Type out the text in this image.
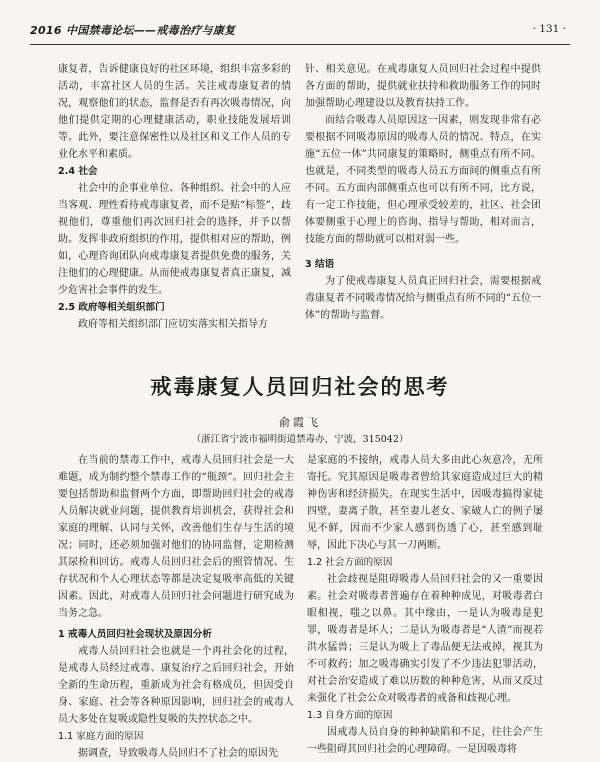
2016 中国禁毒论坛——戒毒治疗与康复	· 131 ·

康复者，告诉健康良好的社区环境，组织丰富多彩的活动，丰富社区人员的生活。关注戒毒康复者的情况，观察他们的状态，监督是否有再次吸毒情况，向他们提供定期的心理健康活动，职业技能发展培训等。此外，要注意保密性以及社区和义工作人员的专业化水平和素质。

2.4 社会

社会中的企事业单位、各种组织、社会中的人应当客观、理性看待戒毒康复者，而不是贴“标签”，歧视他们，尊重他们再次回归社会的选择，并予以帮助。发挥非政府组织的作用，提供相对应的帮助，例如，心理咨询团队向戒毒康复者提供免费的服务，关注他们的心理健康。从而使戒毒康复者真正康复，减少危害社会事件的发生。

2.5 政府等相关组织部门

政府等相关组织部门应切实落实相关指导方

针、相关意见。在戒毒康复人员回归社会过程中提供各方面的帮助，提供就业扶持和救助服务工作的同时加强帮助心理建设以及教育扶持工作。

而结合吸毒人员原因这一因素，则发现非常有必要根据不同吸毒原因的吸毒人员的情况、特点，在实施“五位一体”共同康复的策略时，侧重点有所不同。也就是，不同类型的吸毒人员五方面间的侧重点有所不同。五方面内部侧重点也可以有所不同，比方说，有一定工作技能，但心理承受较差的，社区、社会团体要侧重于心理上的咨询、指导与帮助，相对而言，技能方面的帮助就可以相对弱一些。

3 结语

为了使戒毒康复人员真正回归社会，需要根据戒毒康复者不同吸毒情况给与侧重点有所不同的“五位一体”的帮助与监督。

戒毒康复人员回归社会的思考
俞霞飞
（浙江省宁波市福明街道禁毒办，宁波，315042）

在当前的禁毒工作中，戒毒人员回归社会是一大难题，成为制约整个禁毒工作的“瓶颈”。回归社会主要包括帮助和监督两个方面，即帮助回归社会的戒毒人员解决就业问题，提供教育培训机会，获得社会和家庭的理解、认同与关怀，改善他们生存与生活的境况；同时，还必须加强对他们的协同监督，定期检测其尿检和回访。戒毒人员回归社会后的照管情况、生存状况和个人心理状态等都是决定复吸率高低的关键因素。因此，对戒毒人员回归社会问题进行研究成为当务之急。

1 戒毒人员回归社会现状及原因分析

戒毒人员回归社会也就是一个再社会化的过程，是戒毒人员经过戒毒、康复治疗之后回归社会，开始全新的生命历程，重新成为社会有格成员，但因受自身、家庭、社会等各种原因影响，回归社会的戒毒人员大多处在复吸或隐性复吸的失控状态之中。

1.1 家庭方面的原因

据调查，导致吸毒人员回归不了社会的原因先

是家庭的不接纳，戒毒人员大多由此心灰意冷，无所寄托。究其原因是吸毒者曾给其家庭造成过巨大的精神伤害和经济损失。在现实生活中，因吸毒搞得家徒四壁，妻离子散，甚至妻儿老女、家破人亡的例子屡见不鲜，因而不少家人感到伤透了心，甚至感到耻辱，因此下决心与其一刀两断。

1.2 社会方面的原因

社会歧视是阻碍吸毒人员回归社会的又一重要因素。社会对吸毒者普遍存在着种种成见，对吸毒者白眼相视，嗤之以鼻。其中缘由，一是认为吸毒是犯罪，吸毒者是坏人；二是认为吸毒者是“人渣”而视若洪水猛兽；三是认为吸上了毒品便无法戒掉，视其为不可救药；加之吸毒确实引发了不少违法犯罪活动，对社会治安造成了难以历数的种种危害，从而又反过来强化了社会公众对吸毒者的戒备和歧视心理。

1.3 自身方面的原因

因戒毒人员自身的种种缺陷和不足，往往会产生一些阻碍其回归社会的心理障碍。一是因吸毒将
